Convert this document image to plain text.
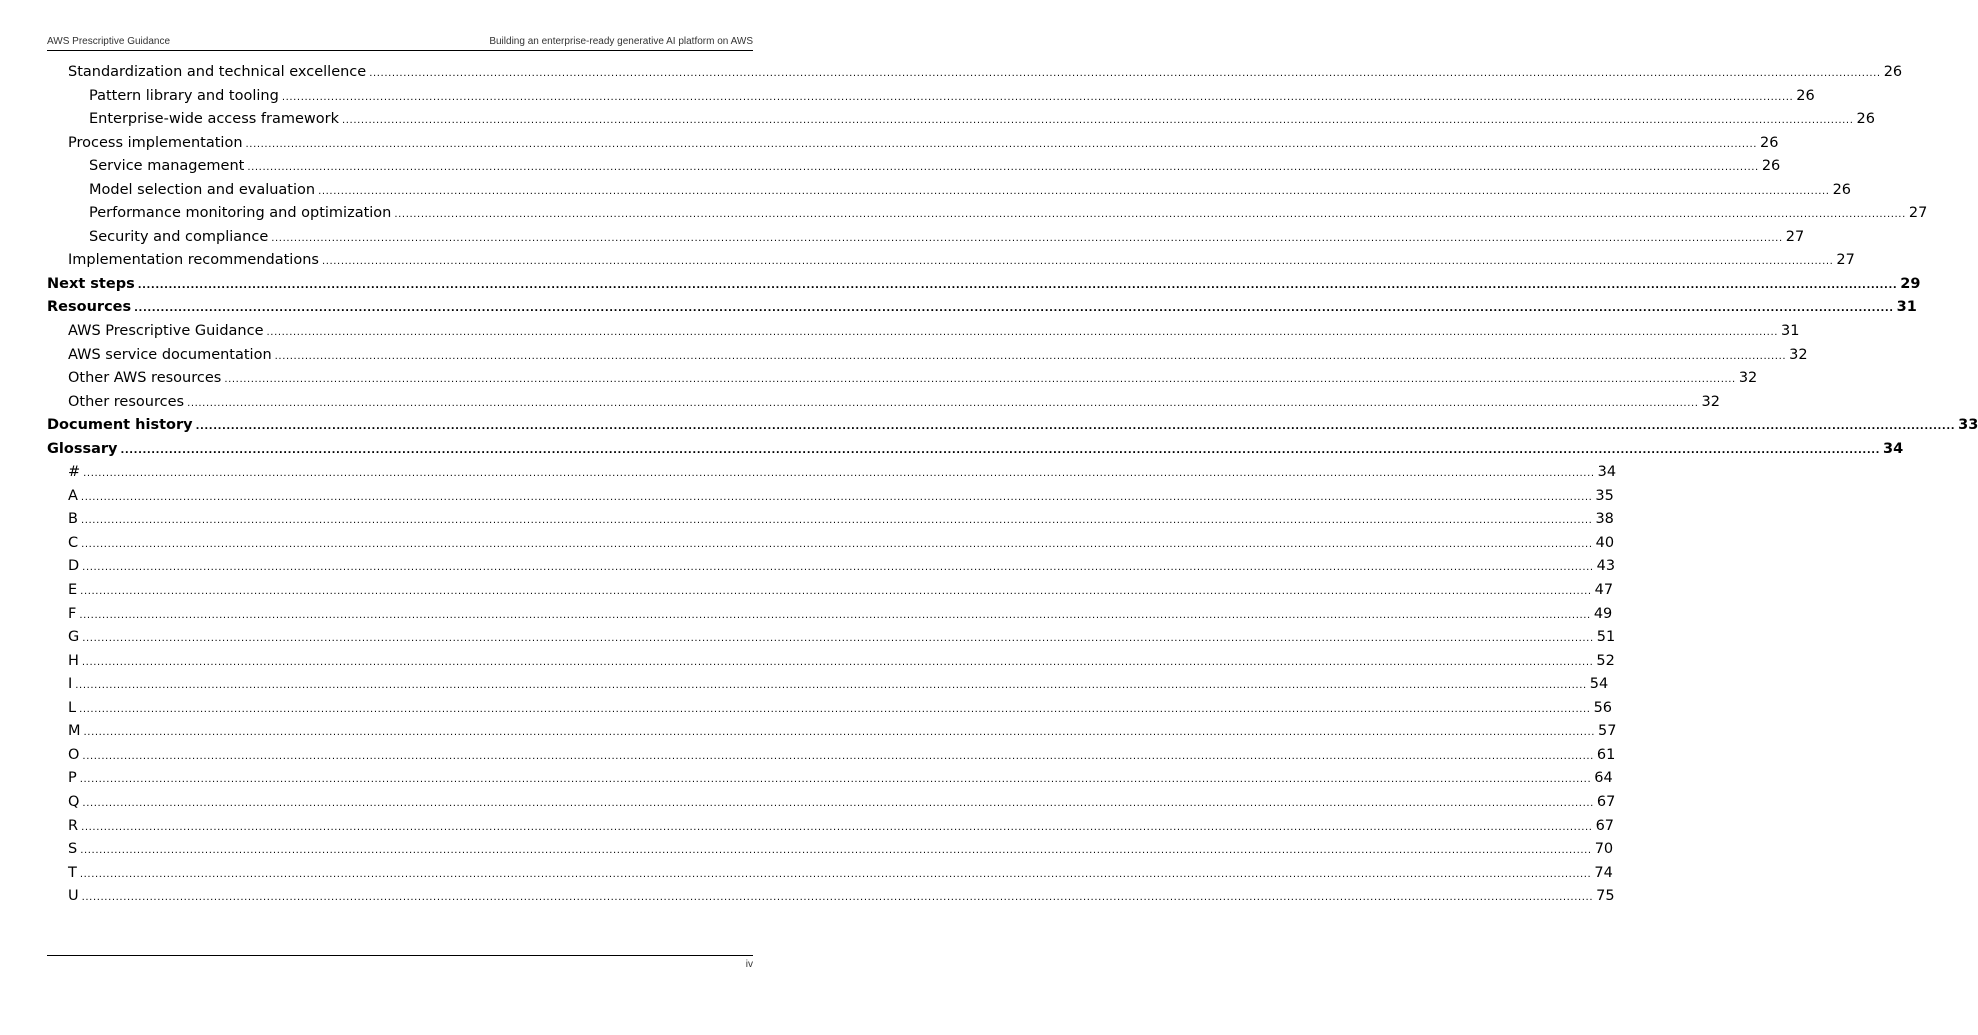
AWS Prescriptive Guidance	Building an enterprise-ready generative AI platform on AWS
Standardization and technical excellence ................................................................................................................................................................................................................................................................................................................................................................................................................ 26
Pattern library and tooling ................................................................................................................................................................................................................................................................................................................................................................................................................ 26
Enterprise-wide access framework ................................................................................................................................................................................................................................................................................................................................................................................................................ 26
Process implementation ................................................................................................................................................................................................................................................................................................................................................................................................................ 26
Service management ................................................................................................................................................................................................................................................................................................................................................................................................................ 26
Model selection and evaluation ................................................................................................................................................................................................................................................................................................................................................................................................................ 26
Performance monitoring and optimization ................................................................................................................................................................................................................................................................................................................................................................................................................ 27
Security and compliance ................................................................................................................................................................................................................................................................................................................................................................................................................ 27
Implementation recommendations ................................................................................................................................................................................................................................................................................................................................................................................................................ 27
Next steps ................................................................................................................................................................................................................................................................................................................................................................................................................ 29
Resources ................................................................................................................................................................................................................................................................................................................................................................................................................ 31
AWS Prescriptive Guidance ................................................................................................................................................................................................................................................................................................................................................................................................................ 31
AWS service documentation ................................................................................................................................................................................................................................................................................................................................................................................................................ 32
Other AWS resources ................................................................................................................................................................................................................................................................................................................................................................................................................ 32
Other resources ................................................................................................................................................................................................................................................................................................................................................................................................................ 32
Document history ................................................................................................................................................................................................................................................................................................................................................................................................................ 33
Glossary ................................................................................................................................................................................................................................................................................................................................................................................................................ 34
# ................................................................................................................................................................................................................................................................................................................................................................................................................ 34
A ................................................................................................................................................................................................................................................................................................................................................................................................................ 35
B ................................................................................................................................................................................................................................................................................................................................................................................................................ 38
C ................................................................................................................................................................................................................................................................................................................................................................................................................ 40
D ................................................................................................................................................................................................................................................................................................................................................................................................................ 43
E ................................................................................................................................................................................................................................................................................................................................................................................................................ 47
F ................................................................................................................................................................................................................................................................................................................................................................................................................ 49
G ................................................................................................................................................................................................................................................................................................................................................................................................................ 51
H ................................................................................................................................................................................................................................................................................................................................................................................................................ 52
I ................................................................................................................................................................................................................................................................................................................................................................................................................ 54
L ................................................................................................................................................................................................................................................................................................................................................................................................................ 56
M ................................................................................................................................................................................................................................................................................................................................................................................................................ 57
O ................................................................................................................................................................................................................................................................................................................................................................................................................ 61
P ................................................................................................................................................................................................................................................................................................................................................................................................................ 64
Q ................................................................................................................................................................................................................................................................................................................................................................................................................ 67
R ................................................................................................................................................................................................................................................................................................................................................................................................................ 67
S ................................................................................................................................................................................................................................................................................................................................................................................................................ 70
T ................................................................................................................................................................................................................................................................................................................................................................................................................ 74
U ................................................................................................................................................................................................................................................................................................................................................................................................................ 75
iv
